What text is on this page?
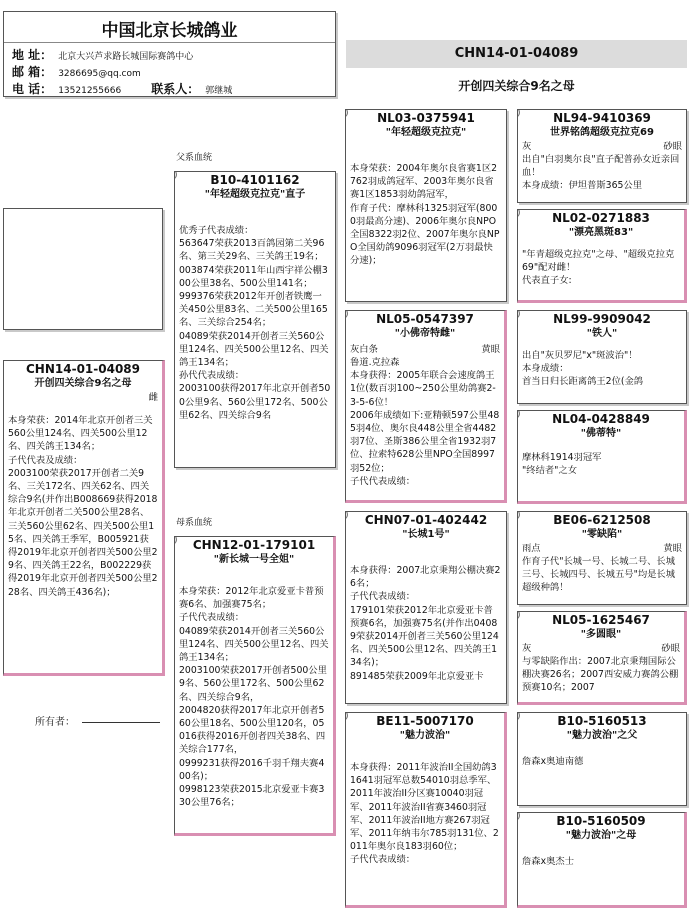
中国北京长城鸽业
地 址： 北京大兴芦求路长城国际赛鸽中心
邮 箱： 3286695@qq.com
电 话： 13521255666	联系人： 郭继城
CHN14-01-04089
开创四关综合9名之母
父系血统
母系血统
所有者：
CHN14-01-04089
开创四关综合9名之母
雌
本身荣获：2014年北京开创者三关560公里124名、四关500公里12名、四关鸽王134名；
子代代表及成绩：
2003100荣获2017开创者二关9名、三关172名、四关62名、四关综合9名(并作出B008669获得2018年北京开创者二关500公里28名、三关560公里62名、四关500公里15名、四关鸽王季军，B005921获得2019年北京开创者四关500公里29名、四关鸽王22名，B002229获得2019年北京开创者四关500公里228名、四关鸽王436名)；
B10-4101162
"年轻超级克拉克"直子
优秀子代表成绩：
563647荣获2013百鸽园第二关96名、第三关29名、三关鸽王19名；
003874荣获2011年山西宇祥公棚300公里38名、500公里141名；
999376荣获2012年开创者铁鹰一关450公里83名、二关500公里165名、三关综合254名；
04089荣获2014开创者三关560公里124名、四关500公里12名、四关鸽王134名；
孙代代表成绩：
2003100获得2017年北京开创者500公里9名、560公里172名、500公里62名、四关综合9名
CHN12-01-179101
"新长城一号全姐"
本身荣获：2012年北京爱亚卡普预赛6名、加强赛75名；
子代代表成绩：
04089荣获2014开创者三关560公里124名、四关500公里12名、四关鸽王134名；
2003100荣获2017开创者500公里9名、560公里172名、500公里62名、四关综合9名，
2004820获得2017年北京开创者560公里18名、500公里120名，05016获得2016开创者四关38名、四关综合177名，
0999231获得2016千羽千翔夫赛400名)；
0998123荣获2015北京爱亚卡赛330公里76名；
NL03-0375941
"年轻超级克拉克"
本身荣获：2004年奥尔良省赛1区2762羽成鸽冠军、2003年奥尔良省赛1区1853羽幼鸽冠军，
作育子代：摩林科1325羽冠军(8000羽最高分速)、2006年奥尔良NPO全国8322羽2位、2007年奥尔良NPO全国幼鸽9096羽冠军(2万羽最快分速)；
NL05-0547397
"小佛帝特雌"
灰白条	黄眼
鲁道.克拉森
本身获得：2005年联合会速度鸽王1位(数百羽100~250公里幼鸽赛2-3-5-6位！
2006年成绩如下:亚精顿597公里485羽4位、奥尔良448公里全省4482羽7位、圣斯386公里全省1932羽7位、拉索特628公里NPO全国8997羽52位；
子代代表成绩：
CHN07-01-402442
"长城1号"
本身获得：2007北京秉翔公棚决赛26名；
子代代表成绩：
179101荣获2012年北京爱亚卡普预赛6名，加强赛75名(并作出04089荣获2014开创者三关560公里124名、四关500公里12名、四关鸽王134名)；
891485荣获2009年北京爱亚卡
BE11-5007170
"魅力波治"
本身获得：2011年波治II全国幼鸽31641羽冠军总数54010羽总季军、2011年波治II分区赛10040羽冠军、2011年波治II省赛3460羽冠军、2011年波治II地方赛267羽冠军、2011年纳韦尔785羽131位、2011年奥尔良183羽60位；
子代代表成绩：
NL94-9410369
世界铭鸽超级克拉克69
灰	砂眼
出自"白羽奥尔良"直子配普孙女近亲回血！
本身成绩：伊坦普斯365公里
NL02-0271883
"漂亮黑斑83"
"年青超级克拉克"之母、"超级克拉克69"配对雌！
代表直子女:
NL99-9909042
"铁人"
出自"灰贝罗尼"x"斑波治"！
本身成绩：
首当日归长距离鸽王2位(金鸽
NL04-0428849
"佛蒂特"
摩林科1914羽冠军
"终结者"之女
BE06-6212508
"零缺陷"
雨点	黄眼
作育子代"长城一号、长城二号、长城三号、长城四号、长城五号"均是长城超级种鸽！
NL05-1625467
"多圆眼"
灰	砂眼
与零缺陷作出：2007北京秉翔国际公棚决赛26名；2007西安威力赛鸽公棚预赛10名；2007
B10-5160513
"魅力波治"之父
詹森x奥迪南德
B10-5160509
"魅力波治"之母
詹森x奥杰士
